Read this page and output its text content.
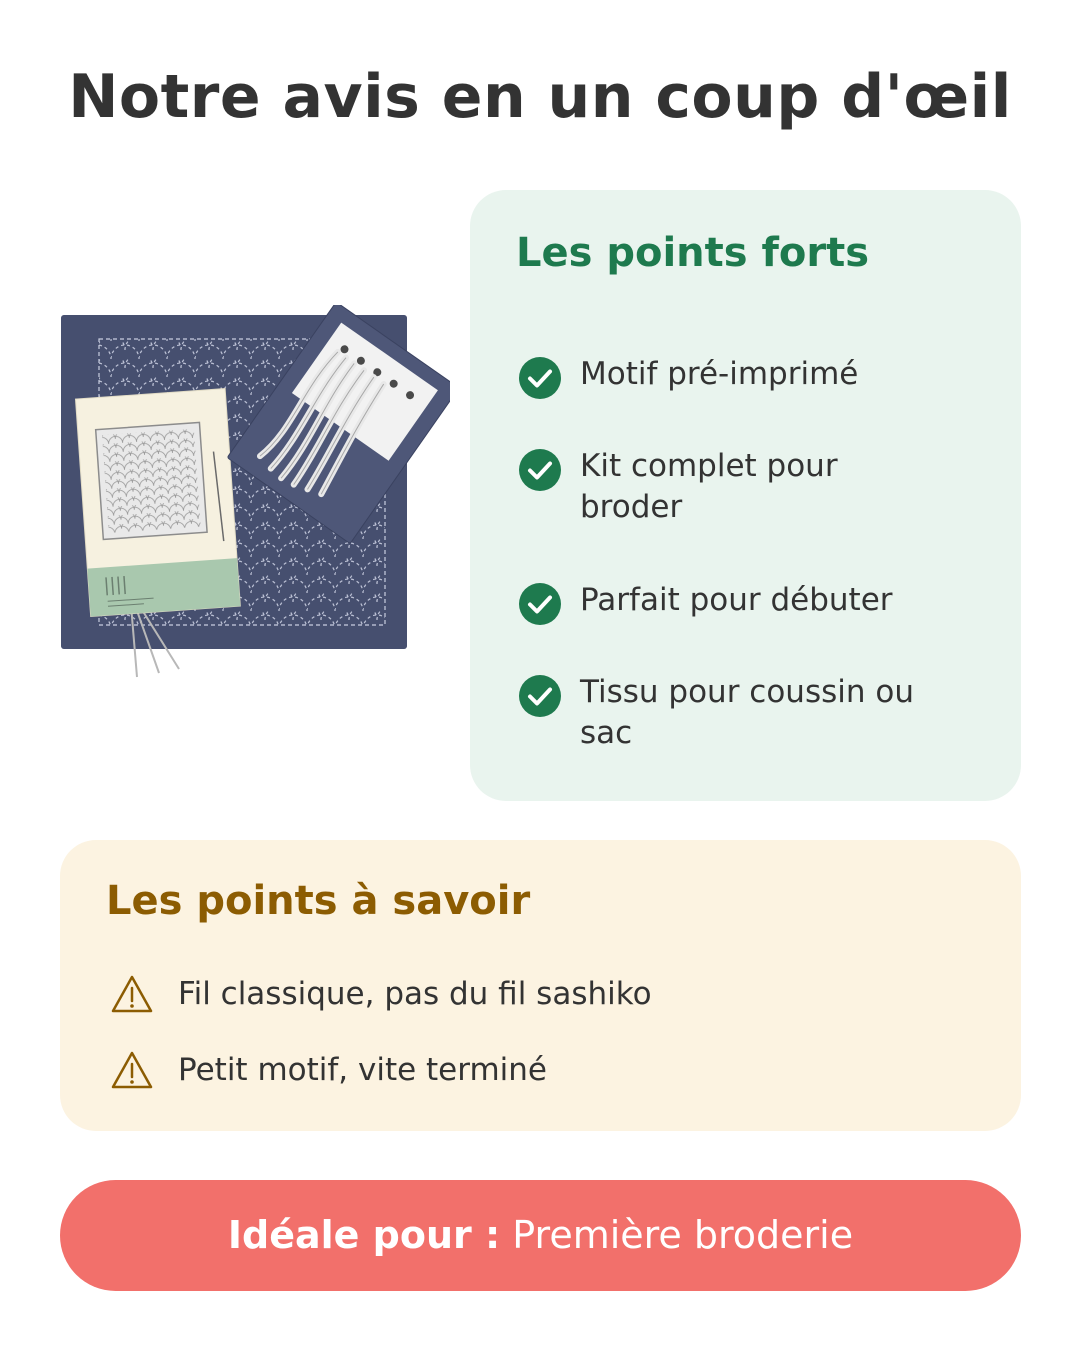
Notre avis en un coup d'œil
Les points forts
Motif pré-imprimé
Kit complet pour broder
Parfait pour débuter
Tissu pour coussin ou sac
Les points à savoir
Fil classique, pas du fil sashiko
Petit motif, vite terminé
Idéale pour : Première broderie
